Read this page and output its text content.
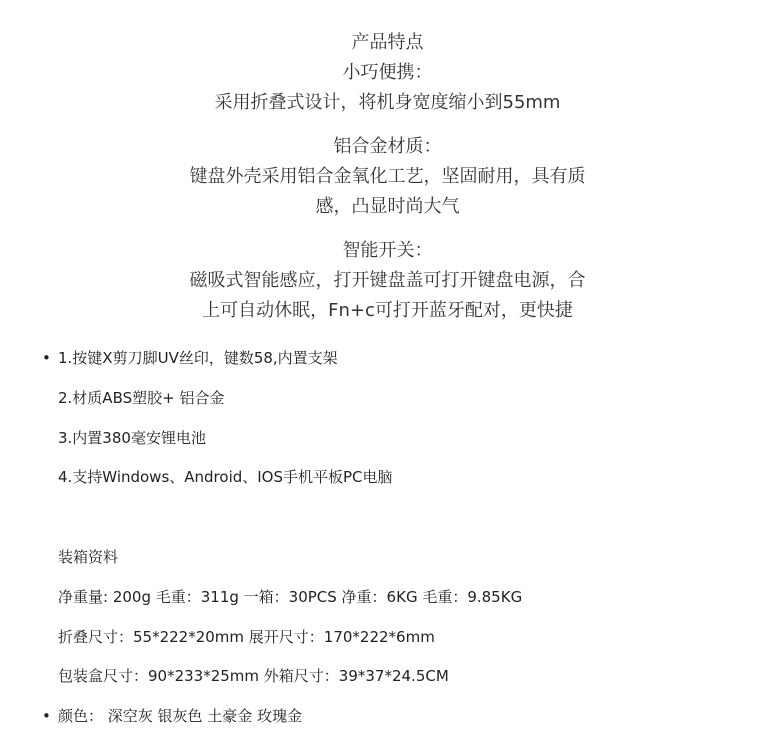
产品特点
小巧便携：
采用折叠式设计，将机身宽度缩小到55mm
铝合金材质：
键盘外壳采用铝合金氧化工艺，坚固耐用，具有质
感，凸显时尚大气
智能开关：
磁吸式智能感应，打开键盘盖可打开键盘电源，合
上可自动休眠，Fn+c可打开蓝牙配对，更快捷
• 1.按键X剪刀脚UV丝印，键数58,内置支架
2.材质ABS塑胶+ 铝合金
3.内置380毫安锂电池
4.支持Windows、Android、IOS手机平板PC电脑
装箱资料
净重量: 200g 毛重：311g 一箱：30PCS 净重：6KG 毛重：9.85KG
折叠尺寸：55*222*20mm 展开尺寸：170*222*6mm
包装盒尺寸：90*233*25mm 外箱尺寸：39*37*24.5CM
• 颜色： 深空灰 银灰色 土豪金 玫瑰金
